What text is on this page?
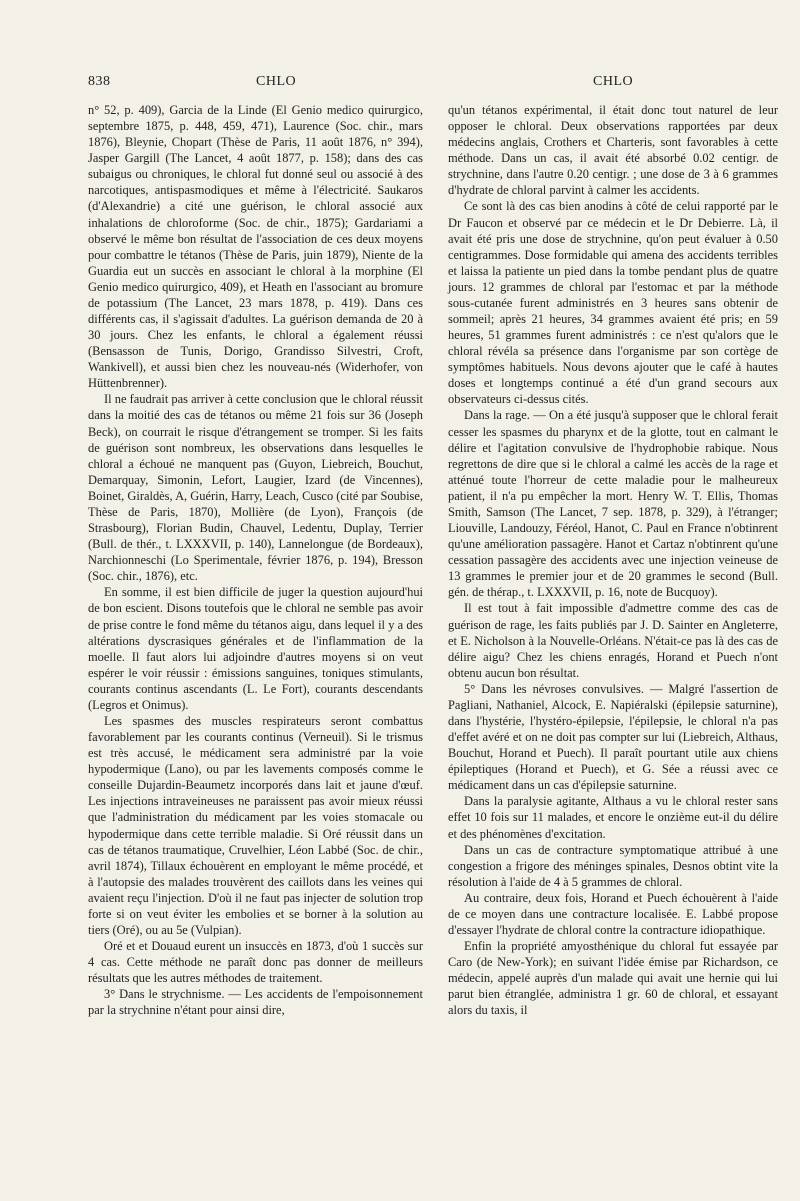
838	CHLO	CHLO

n° 52, p. 409), Garcia de la Linde (El Genio medico quirurgico, septembre 1875, p. 448, 459, 471), Laurence (Soc. chir., mars 1876), Bleynie, Chopart (Thèse de Paris, 11 août 1876, n° 394), Jasper Gargill (The Lancet, 4 août 1877, p. 158); dans des cas subaigus ou chroniques, le chloral fut donné seul ou associé à des narcotiques, antispasmodiques et même à l'électricité. Saukaros (d'Alexandrie) a cité une guérison, le chloral associé aux inhalations de chloroforme (Soc. de chir., 1875); Gardariami a observé le même bon résultat de l'association de ces deux moyens pour combattre le tétanos (Thèse de Paris, juin 1879), Niente de la Guardia eut un succès en associant le chloral à la morphine (El Genio medico quirurgico, 409), et Heath en l'associant au bromure de potassium (The Lancet, 23 mars 1878, p. 419). Dans ces différents cas, il s'agissait d'adultes. La guérison demanda de 20 à 30 jours. Chez les enfants, le chloral a également réussi (Bensasson de Tunis, Dorigo, Grandisso Silvestri, Croft, Wankivell), et aussi bien chez les nouveau-nés (Widerhofer, von Hüttenbrenner).

Il ne faudrait pas arriver à cette conclusion que le chloral réussit dans la moitié des cas de tétanos ou même 21 fois sur 36 (Joseph Beck), on courrait le risque d'étrangement se tromper. Si les faits de guérison sont nombreux, les observations dans lesquelles le chloral a échoué ne manquent pas (Guyon, Liebreich, Bouchut, Demarquay, Simonin, Lefort, Laugier, Izard (de Vincennes), Boinet, Giraldès, A, Guérin, Harry, Leach, Cusco (cité par Soubise, Thèse de Paris, 1870), Mollière (de Lyon), François (de Strasbourg), Florian Budin, Chauvel, Ledentu, Duplay, Terrier (Bull. de thér., t. LXXXVII, p. 140), Lannelongue (de Bordeaux), Narchionneschi (Lo Sperimentale, février 1876, p. 194), Bresson (Soc. chir., 1876), etc.

En somme, il est bien difficile de juger la question aujourd'hui de bon escient. Disons toutefois que le chloral ne semble pas avoir de prise contre le fond même du tétanos aigu, dans lequel il y a des altérations dyscrasiques générales et de l'inflammation de la moelle. Il faut alors lui adjoindre d'autres moyens si on veut espérer le voir réussir : émissions sanguines, toniques stimulants, courants continus ascendants (L. Le Fort), courants descendants (Legros et Onimus).

Les spasmes des muscles respirateurs seront combattus favorablement par les courants continus (Verneuil). Si le trismus est très accusé, le médicament sera administré par la voie hypodermique (Lano), ou par les lavements composés comme le conseille Dujardin-Beaumetz incorporés dans lait et jaune d'œuf. Les injections intraveineuses ne paraissent pas avoir mieux réussi que l'administration du médicament par les voies stomacale ou hypodermique dans cette terrible maladie. Si Oré réussit dans un cas de tétanos traumatique, Cruvelhier, Léon Labbé (Soc. de chir., avril 1874), Tillaux échouèrent en employant le même procédé, et à l'autopsie des malades trouvèrent des caillots dans les veines qui avaient reçu l'injection. D'où il ne faut pas injecter de solution trop forte si on veut éviter les embolies et se borner à la solution au tiers (Oré), ou au 5e (Vulpian).

Oré et et Douaud eurent un insuccès en 1873, d'où 1 succès sur 4 cas. Cette méthode ne paraît donc pas donner de meilleurs résultats que les autres méthodes de traitement.

3° Dans le strychnisme. — Les accidents de l'empoisonnement par la strychnine n'étant pour ainsi dire,

qu'un tétanos expérimental, il était donc tout naturel de leur opposer le chloral. Deux observations rapportées par deux médecins anglais, Crothers et Charteris, sont favorables à cette méthode. Dans un cas, il avait été absorbé 0.02 centigr. de strychnine, dans l'autre 0.20 centigr. ; une dose de 3 à 6 grammes d'hydrate de chloral parvint à calmer les accidents.

Ce sont là des cas bien anodins à côté de celui rapporté par le Dr Faucon et observé par ce médecin et le Dr Debierre. Là, il avait été pris une dose de strychnine, qu'on peut évaluer à 0.50 centigrammes. Dose formidable qui amena des accidents terribles et laissa la patiente un pied dans la tombe pendant plus de quatre jours. 12 grammes de chloral par l'estomac et par la méthode sous-cutanée furent administrés en 3 heures sans obtenir de sommeil; après 21 heures, 34 grammes avaient été pris; en 59 heures, 51 grammes furent administrés : ce n'est qu'alors que le chloral révéla sa présence dans l'organisme par son cortège de symptômes habituels. Nous devons ajouter que le café à hautes doses et longtemps continué a été d'un grand secours aux observateurs ci-dessus cités.

Dans la rage. — On a été jusqu'à supposer que le chloral ferait cesser les spasmes du pharynx et de la glotte, tout en calmant le délire et l'agitation convulsive de l'hydrophobie rabique. Nous regrettons de dire que si le chloral a calmé les accès de la rage et atténué toute l'horreur de cette maladie pour le malheureux patient, il n'a pu empêcher la mort. Henry W. T. Ellis, Thomas Smith, Samson (The Lancet, 7 sep. 1878, p. 329), à l'étranger; Liouville, Landouzy, Féréol, Hanot, C. Paul en France n'obtinrent qu'une amélioration passagère. Hanot et Cartaz n'obtinrent qu'une cessation passagère des accidents avec une injection veineuse de 13 grammes le premier jour et de 20 grammes le second (Bull. gén. de thérap., t. LXXXVII, p. 16, note de Bucquoy).

Il est tout à fait impossible d'admettre comme des cas de guérison de rage, les faits publiés par J. D. Sainter en Angleterre, et E. Nicholson à la Nouvelle-Orléans. N'était-ce pas là des cas de délire aigu? Chez les chiens enragés, Horand et Puech n'ont obtenu aucun bon résultat.

5° Dans les névroses convulsives. — Malgré l'assertion de Pagliani, Nathaniel, Alcock, E. Napiéralski (épilepsie saturnine), dans l'hystérie, l'hystéro-épilepsie, l'épilepsie, le chloral n'a pas d'effet avéré et on ne doit pas compter sur lui (Liebreich, Althaus, Bouchut, Horand et Puech). Il paraît pourtant utile aux chiens épileptiques (Horand et Puech), et G. Sée a réussi avec ce médicament dans un cas d'épilepsie saturnine.

Dans la paralysie agitante, Althaus a vu le chloral rester sans effet 10 fois sur 11 malades, et encore le onzième eut-il du délire et des phénomènes d'excitation.

Dans un cas de contracture symptomatique attribué à une congestion a frigore des méninges spinales, Desnos obtint vite la résolution à l'aide de 4 à 5 grammes de chloral.

Au contraire, deux fois, Horand et Puech échouèrent à l'aide de ce moyen dans une contracture localisée. E. Labbé propose d'essayer l'hydrate de chloral contre la contracture idiopathique.

Enfin la propriété amyosthénique du chloral fut essayée par Caro (de New-York); en suivant l'idée émise par Richardson, ce médecin, appelé auprès d'un malade qui avait une hernie qui lui parut bien étranglée, administra 1 gr. 60 de chloral, et essayant alors du taxis, il
